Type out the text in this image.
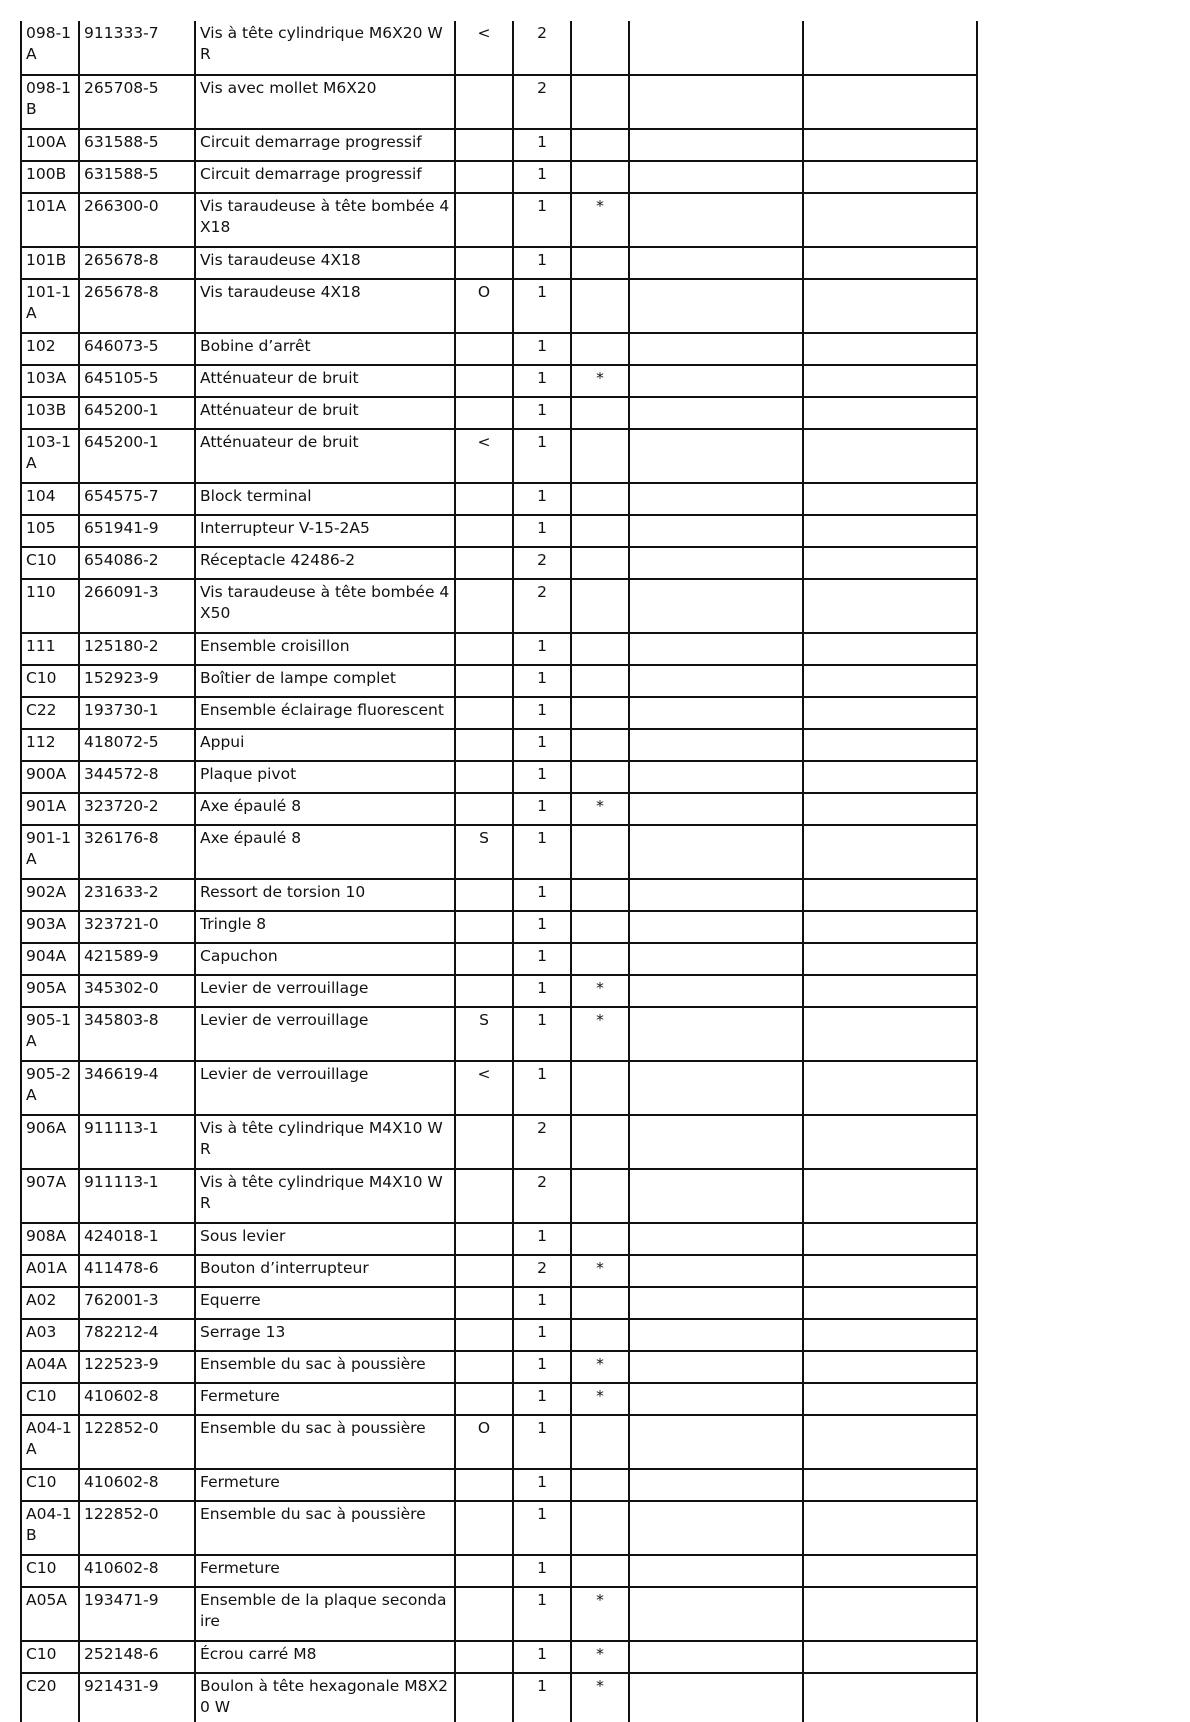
098-1A	911333-7	Vis à tête cylindrique M6X20 WR	<	2			
098-1B	265708-5	Vis avec mollet M6X20		2			
100A	631588-5	Circuit demarrage progressif		1			
100B	631588-5	Circuit demarrage progressif		1			
101A	266300-0	Vis taraudeuse à tête bombée 4X18		1	*		
101B	265678-8	Vis taraudeuse 4X18		1			
101-1A	265678-8	Vis taraudeuse 4X18	O	1			
102	646073-5	Bobine d’arrêt		1			
103A	645105-5	Atténuateur de bruit		1	*		
103B	645200-1	Atténuateur de bruit		1			
103-1A	645200-1	Atténuateur de bruit	<	1			
104	654575-7	Block terminal		1			
105	651941-9	Interrupteur V-15-2A5		1			
C10	654086-2	Réceptacle 42486-2		2			
110	266091-3	Vis taraudeuse à tête bombée 4X50		2			
111	125180-2	Ensemble croisillon		1			
C10	152923-9	Boîtier de lampe complet		1			
C22	193730-1	Ensemble éclairage fluorescent		1			
112	418072-5	Appui		1			
900A	344572-8	Plaque pivot		1			
901A	323720-2	Axe épaulé 8		1	*		
901-1A	326176-8	Axe épaulé 8	S	1			
902A	231633-2	Ressort de torsion 10		1			
903A	323721-0	Tringle 8		1			
904A	421589-9	Capuchon		1			
905A	345302-0	Levier de verrouillage		1	*		
905-1A	345803-8	Levier de verrouillage	S	1	*		
905-2A	346619-4	Levier de verrouillage	<	1			
906A	911113-1	Vis à tête cylindrique M4X10 WR		2			
907A	911113-1	Vis à tête cylindrique M4X10 WR		2			
908A	424018-1	Sous levier		1			
A01A	411478-6	Bouton d’interrupteur		2	*		
A02	762001-3	Equerre		1			
A03	782212-4	Serrage 13		1			
A04A	122523-9	Ensemble du sac à poussière		1	*		
C10	410602-8	Fermeture		1	*		
A04-1A	122852-0	Ensemble du sac à poussière	O	1			
C10	410602-8	Fermeture		1			
A04-1B	122852-0	Ensemble du sac à poussière		1			
C10	410602-8	Fermeture		1			
A05A	193471-9	Ensemble de la plaque secondaire		1	*		
C10	252148-6	Écrou carré M8		1	*		
C20	921431-9	Boulon à tête hexagonale M8X20 W		1	*		
